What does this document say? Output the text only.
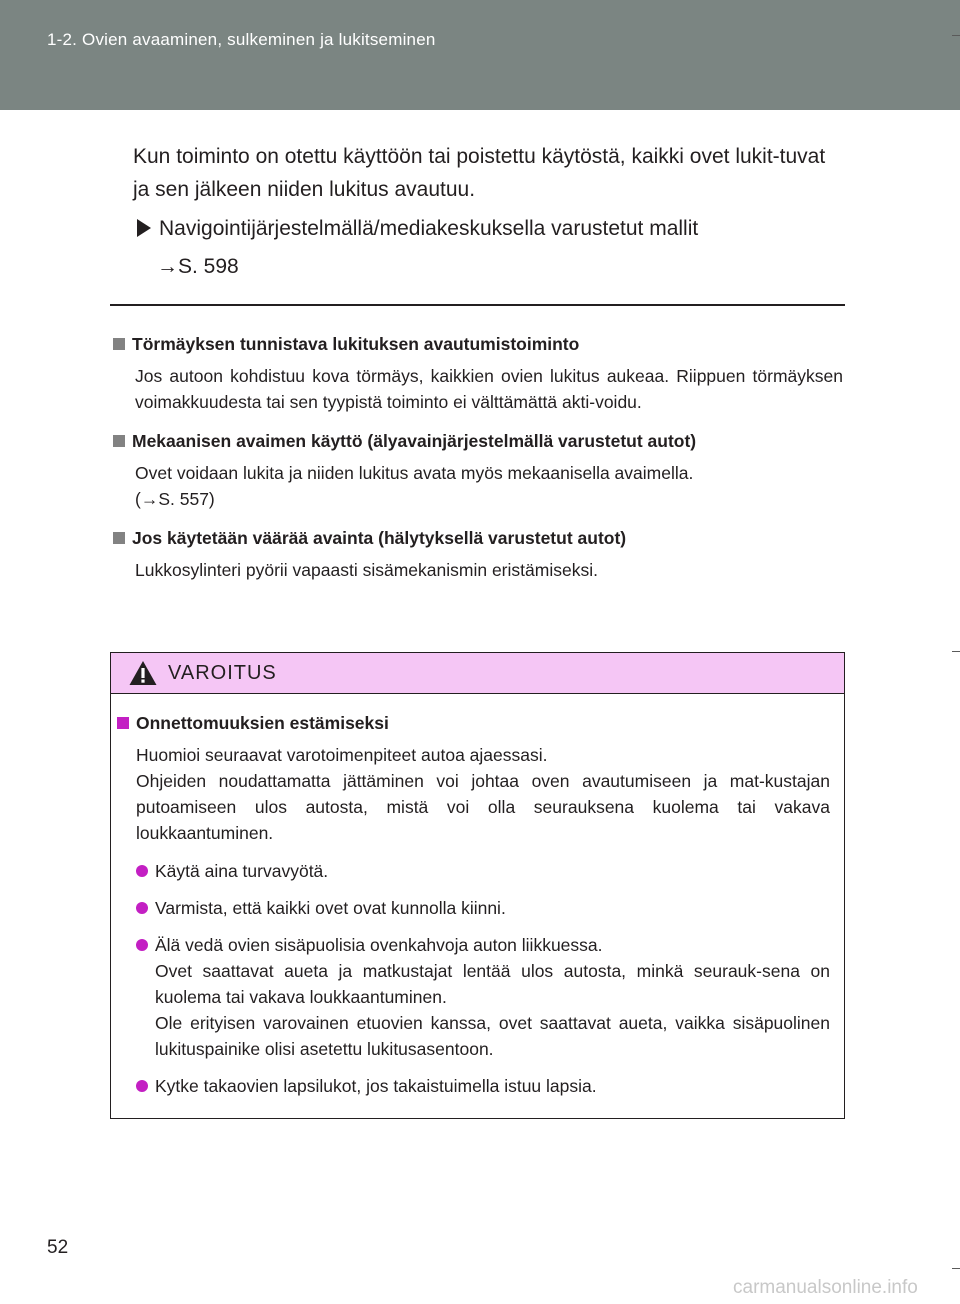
1-2. Ovien avaaminen, sulkeminen ja lukitseminen

Kun toiminto on otettu käyttöön tai poistettu käytöstä, kaikki ovet lukit-tuvat ja sen jälkeen niiden lukitus avautuu.

Navigointijärjestelmällä/mediakeskuksella varustetut mallit
→S. 598
Törmäyksen tunnistava lukituksen avautumistoiminto
Jos autoon kohdistuu kova törmäys, kaikkien ovien lukitus aukeaa. Riippuen törmäyksen voimakkuudesta tai sen tyypistä toiminto ei välttämättä akti-voidu.
Mekaanisen avaimen käyttö (älyavainjärjestelmällä varustetut autot)
Ovet voidaan lukita ja niiden lukitus avata myös mekaanisella avaimella.
(→S. 557)
Jos käytetään väärää avainta (hälytyksellä varustetut autot)
Lukkosylinteri pyörii vapaasti sisämekanismin eristämiseksi.
VAROITUS
Onnettomuuksien estämiseksi
Huomioi seuraavat varotoimenpiteet autoa ajaessasi.
Ohjeiden noudattamatta jättäminen voi johtaa oven avautumiseen ja mat-kustajan putoamiseen ulos autosta, mistä voi olla seurauksena kuolema tai vakava loukkaantuminen.
Käytä aina turvavyötä.
Varmista, että kaikki ovet ovat kunnolla kiinni.
Älä vedä ovien sisäpuolisia ovenkahvoja auton liikkuessa.
Ovet saattavat aueta ja matkustajat lentää ulos autosta, minkä seurauk-sena on kuolema tai vakava loukkaantuminen.
Ole erityisen varovainen etuovien kanssa, ovet saattavat aueta, vaikka sisäpuolinen lukituspainike olisi asetettu lukitusasentoon.
Kytke takaovien lapsilukot, jos takaistuimella istuu lapsia.
52
carmanualsonline.info
